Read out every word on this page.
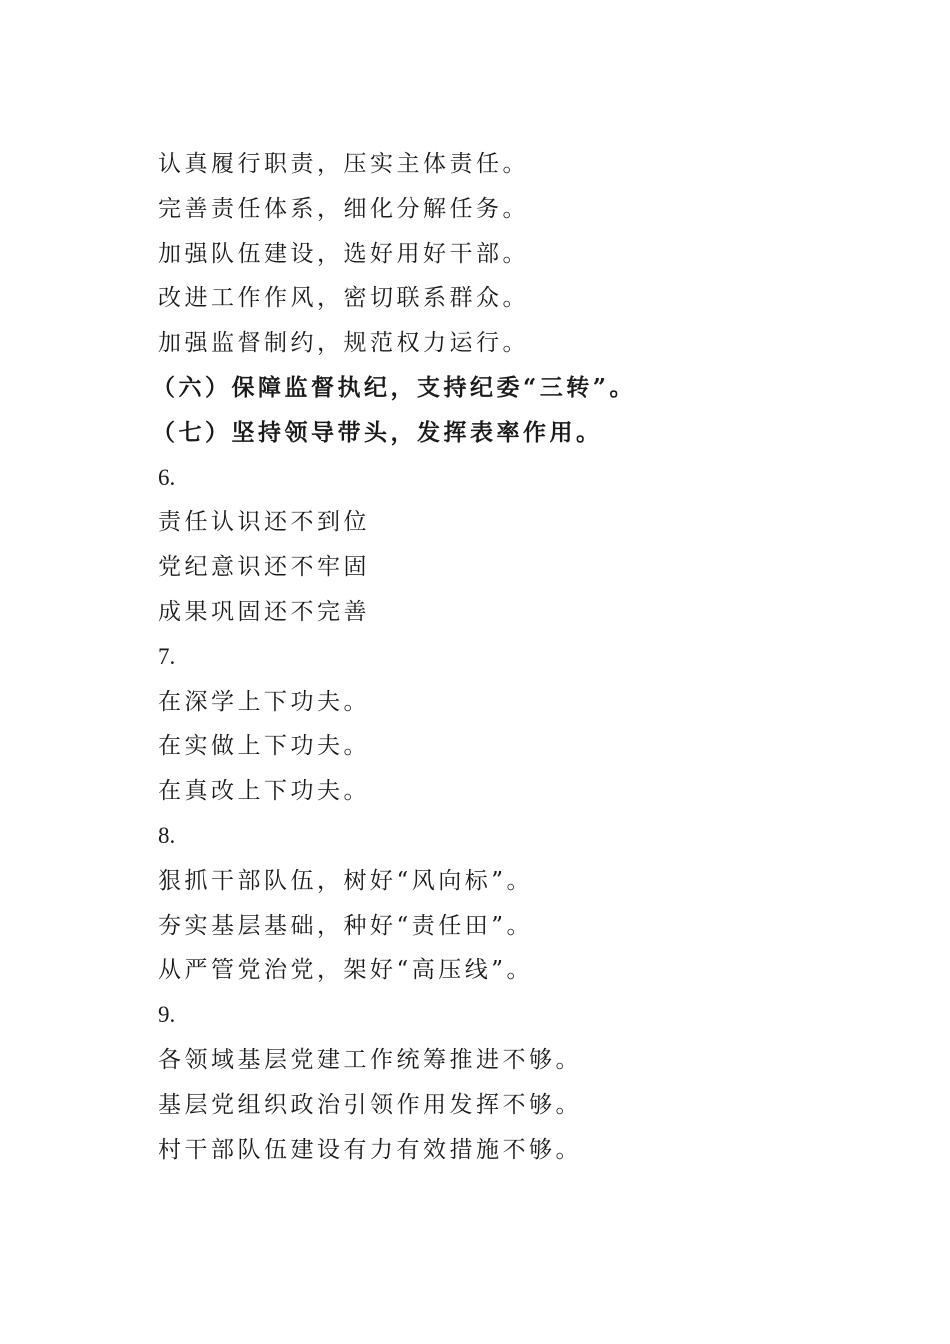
认真履行职责，压实主体责任。
完善责任体系，细化分解任务。
加强队伍建设，选好用好干部。
改进工作作风，密切联系群众。
加强监督制约，规范权力运行。
（六）保障监督执纪，支持纪委“三转”。
（七）坚持领导带头，发挥表率作用。
6.
责任认识还不到位
党纪意识还不牢固
成果巩固还不完善
7.
在深学上下功夫。
在实做上下功夫。
在真改上下功夫。
8.
狠抓干部队伍，树好“风向标”。
夯实基层基础，种好“责任田”。
从严管党治党，架好“高压线”。
9.
各领域基层党建工作统筹推进不够。
基层党组织政治引领作用发挥不够。
村干部队伍建设有力有效措施不够。
